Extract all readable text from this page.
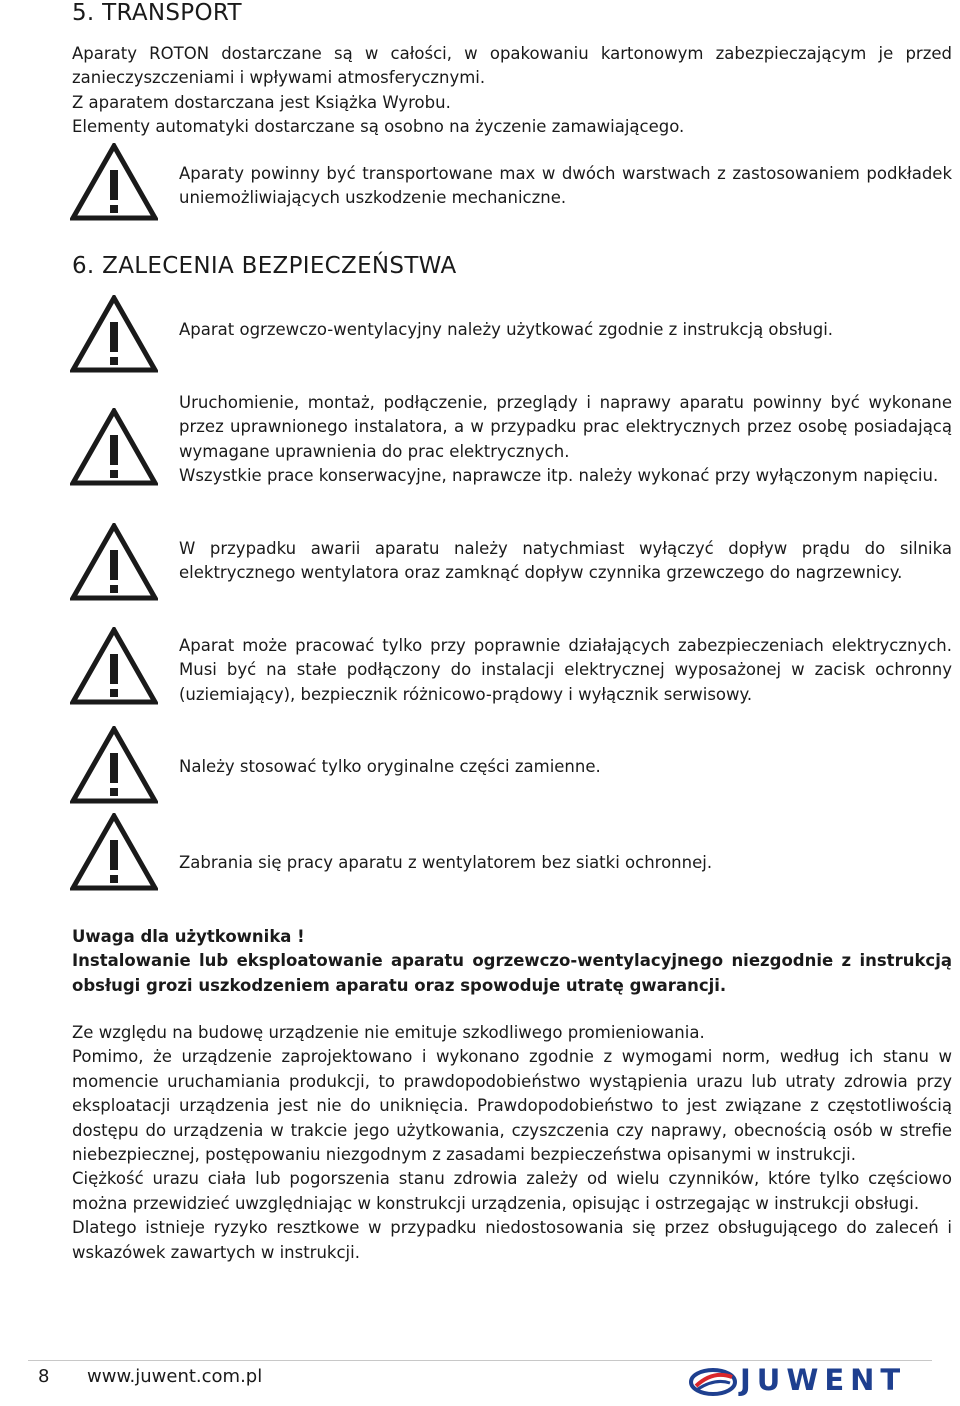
5. TRANSPORT

Aparaty ROTON dostarczane są w całości, w opakowaniu kartonowym zabezpieczającym je przed zanieczyszczeniami i wpływami atmosferycznymi.

Z aparatem dostarczana jest Książka Wyrobu.

Elementy automatyki dostarczane są osobno na życzenie zamawiającego.

Aparaty powinny być transportowane max w dwóch warstwach z zastosowaniem podkładek uniemożliwiających uszkodzenie mechaniczne.
6. ZALECENIA BEZPIECZEŃSTWA
Aparat ogrzewczo-wentylacyjny należy użytkować zgodnie z instrukcją obsługi.

Uruchomienie, montaż, podłączenie, przeglądy i naprawy aparatu powinny być wykonane przez uprawnionego instalatora, a w przypadku prac elektrycznych przez osobę posiadającą wymagane uprawnienia do prac elektrycznych.

Wszystkie prace konserwacyjne, naprawcze itp. należy wykonać przy wyłączonym napięciu.

W przypadku awarii aparatu należy natychmiast wyłączyć dopływ prądu do silnika elektrycznego wentylatora oraz zamknąć dopływ czynnika grzewczego do nagrzewnicy.
Aparat może pracować tylko przy poprawnie działających zabezpieczeniach elektrycznych. Musi być na stałe podłączony do instalacji elektrycznej wyposażonej w zacisk ochronny (uziemiający), bezpiecznik różnicowo-prądowy i wyłącznik serwisowy.
Należy stosować tylko oryginalne części zamienne.
Zabrania się pracy aparatu z wentylatorem bez siatki ochronnej.

Uwaga dla użytkownika !

Instalowanie lub eksploatowanie aparatu ogrzewczo-wentylacyjnego niezgodnie z instrukcją obsługi grozi uszkodzeniem aparatu oraz spowoduje utratę gwarancji.

Ze względu na budowę urządzenie nie emituje szkodliwego promieniowania.

Pomimo, że urządzenie zaprojektowano i wykonano zgodnie z wymogami norm, według ich stanu w momencie uruchamiania produkcji, to prawdopodobieństwo wystąpienia urazu lub utraty zdrowia przy eksploatacji urządzenia jest nie do uniknięcia. Prawdopodobieństwo to jest związane z częstotliwością dostępu do urządzenia w trakcie jego użytkowania, czyszczenia czy naprawy, obecnością osób w strefie niebezpiecznej, postępowaniu niezgodnym z zasadami bezpieczeństwa opisanymi w instrukcji.

Ciężkość urazu ciała lub pogorszenia stanu zdrowia zależy od wielu czynników, które tylko częściowo można przewidzieć uwzględniając w konstrukcji urządzenia, opisując i ostrzegając w instrukcji obsługi.

Dlatego istnieje ryzyko resztkowe w przypadku niedostosowania się przez obsługującego do zaleceń i wskazówek zawartych w instrukcji.

8 www.juwent.com.pl	JUWENT
